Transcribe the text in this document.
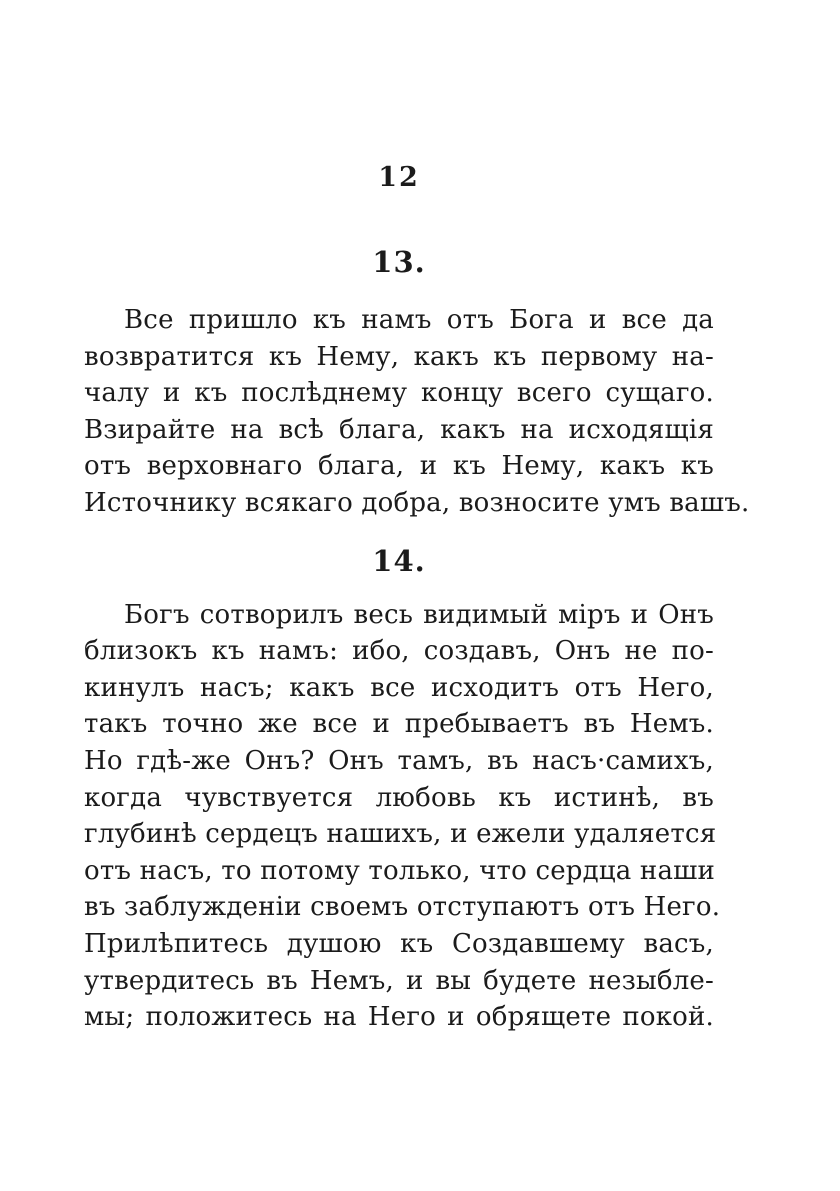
12
13.
Все пришло къ намъ отъ Бога и все да
возвратится къ Нему, какъ къ первому на-
чалу и къ послѣднему концу всего сущаго.
Взирайте на всѣ блага, какъ на исходящія
отъ верховнаго блага, и къ Нему, какъ къ
Источнику всякаго добра, возносите умъ вашъ.
14.
Богъ сотворилъ весь видимый міръ и Онъ
близокъ къ намъ: ибо, создавъ, Онъ не по-
кинулъ насъ; какъ все исходитъ отъ Него,
такъ точно же все и пребываетъ въ Немъ.
Но гдѣ-же Онъ? Онъ тамъ, въ насъ·самихъ,
когда чувствуется любовь къ истинѣ, въ
глубинѣ сердецъ нашихъ, и ежели удаляется
отъ насъ, то потому только, что сердца наши
въ заблужденіи своемъ отступаютъ отъ Него.
Прилѣпитесь душою къ Создавшему васъ,
утвердитесь въ Немъ, и вы будете незыбле-
мы; положитесь на Него и обрящете покой.
